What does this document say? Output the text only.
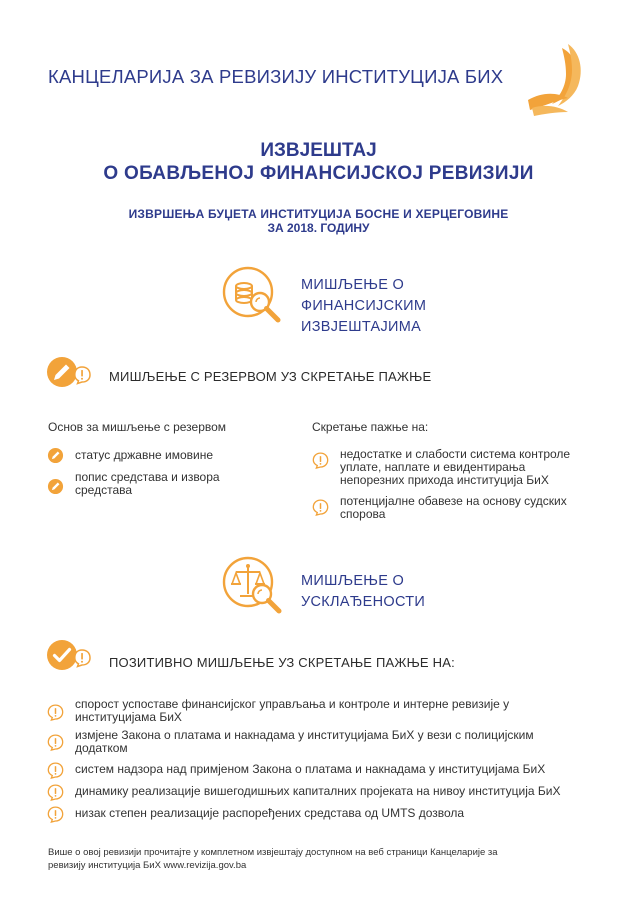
КАНЦЕЛАРИЈА ЗА РЕВИЗИЈУ ИНСТИТУЦИЈА БИХ
ИЗВЈЕШТАЈ
О ОБАВЉЕНОЈ ФИНАНСИЈСКОЈ РЕВИЗИЈИ
ИЗВРШЕЊА БУЏЕТА ИНСТИТУЦИЈА БОСНЕ И ХЕРЦЕГОВИНЕ
ЗА 2018. ГОДИНУ
МИШЉЕЊЕ О
ФИНАНСИЈСКИМ
ИЗВЈЕШТАЈИМА
МИШЉЕЊЕ С РЕЗЕРВОМ УЗ СКРЕТАЊЕ ПАЖЊЕ
Основ за мишљење с резервом
статус државне имовине
попис средстава и извора
средстава
Скретање пажње на:
недостатке и слабости система контроле
уплате, наплате и евидентирања
непорезних прихода институција БиХ
потенцијалне обавезе на основу судских
спорова
МИШЉЕЊЕ О
УСКЛАЂЕНОСТИ
ПОЗИТИВНО МИШЉЕЊЕ УЗ СКРЕТАЊЕ ПАЖЊЕ НА:
спорост успоставе финансијског управљања и контроле и интерне ревизије у
институцијама БиХ
измјене Закона о платама и накнадама у институцијама БиХ у вези с полицијским
додатком
систем надзора над примјеном Закона о платама и накнадама у институцијама БиХ
динамику реализације вишегодишњих капиталних пројеката на нивоу институција БиХ
низак степен реализације распоређених средстава од UMTS дозвола
Више о овој ревизији прочитајте у комплетном извјештају доступном на веб страници Канцеларије за
ревизију институција БиХ www.revizija.gov.ba
